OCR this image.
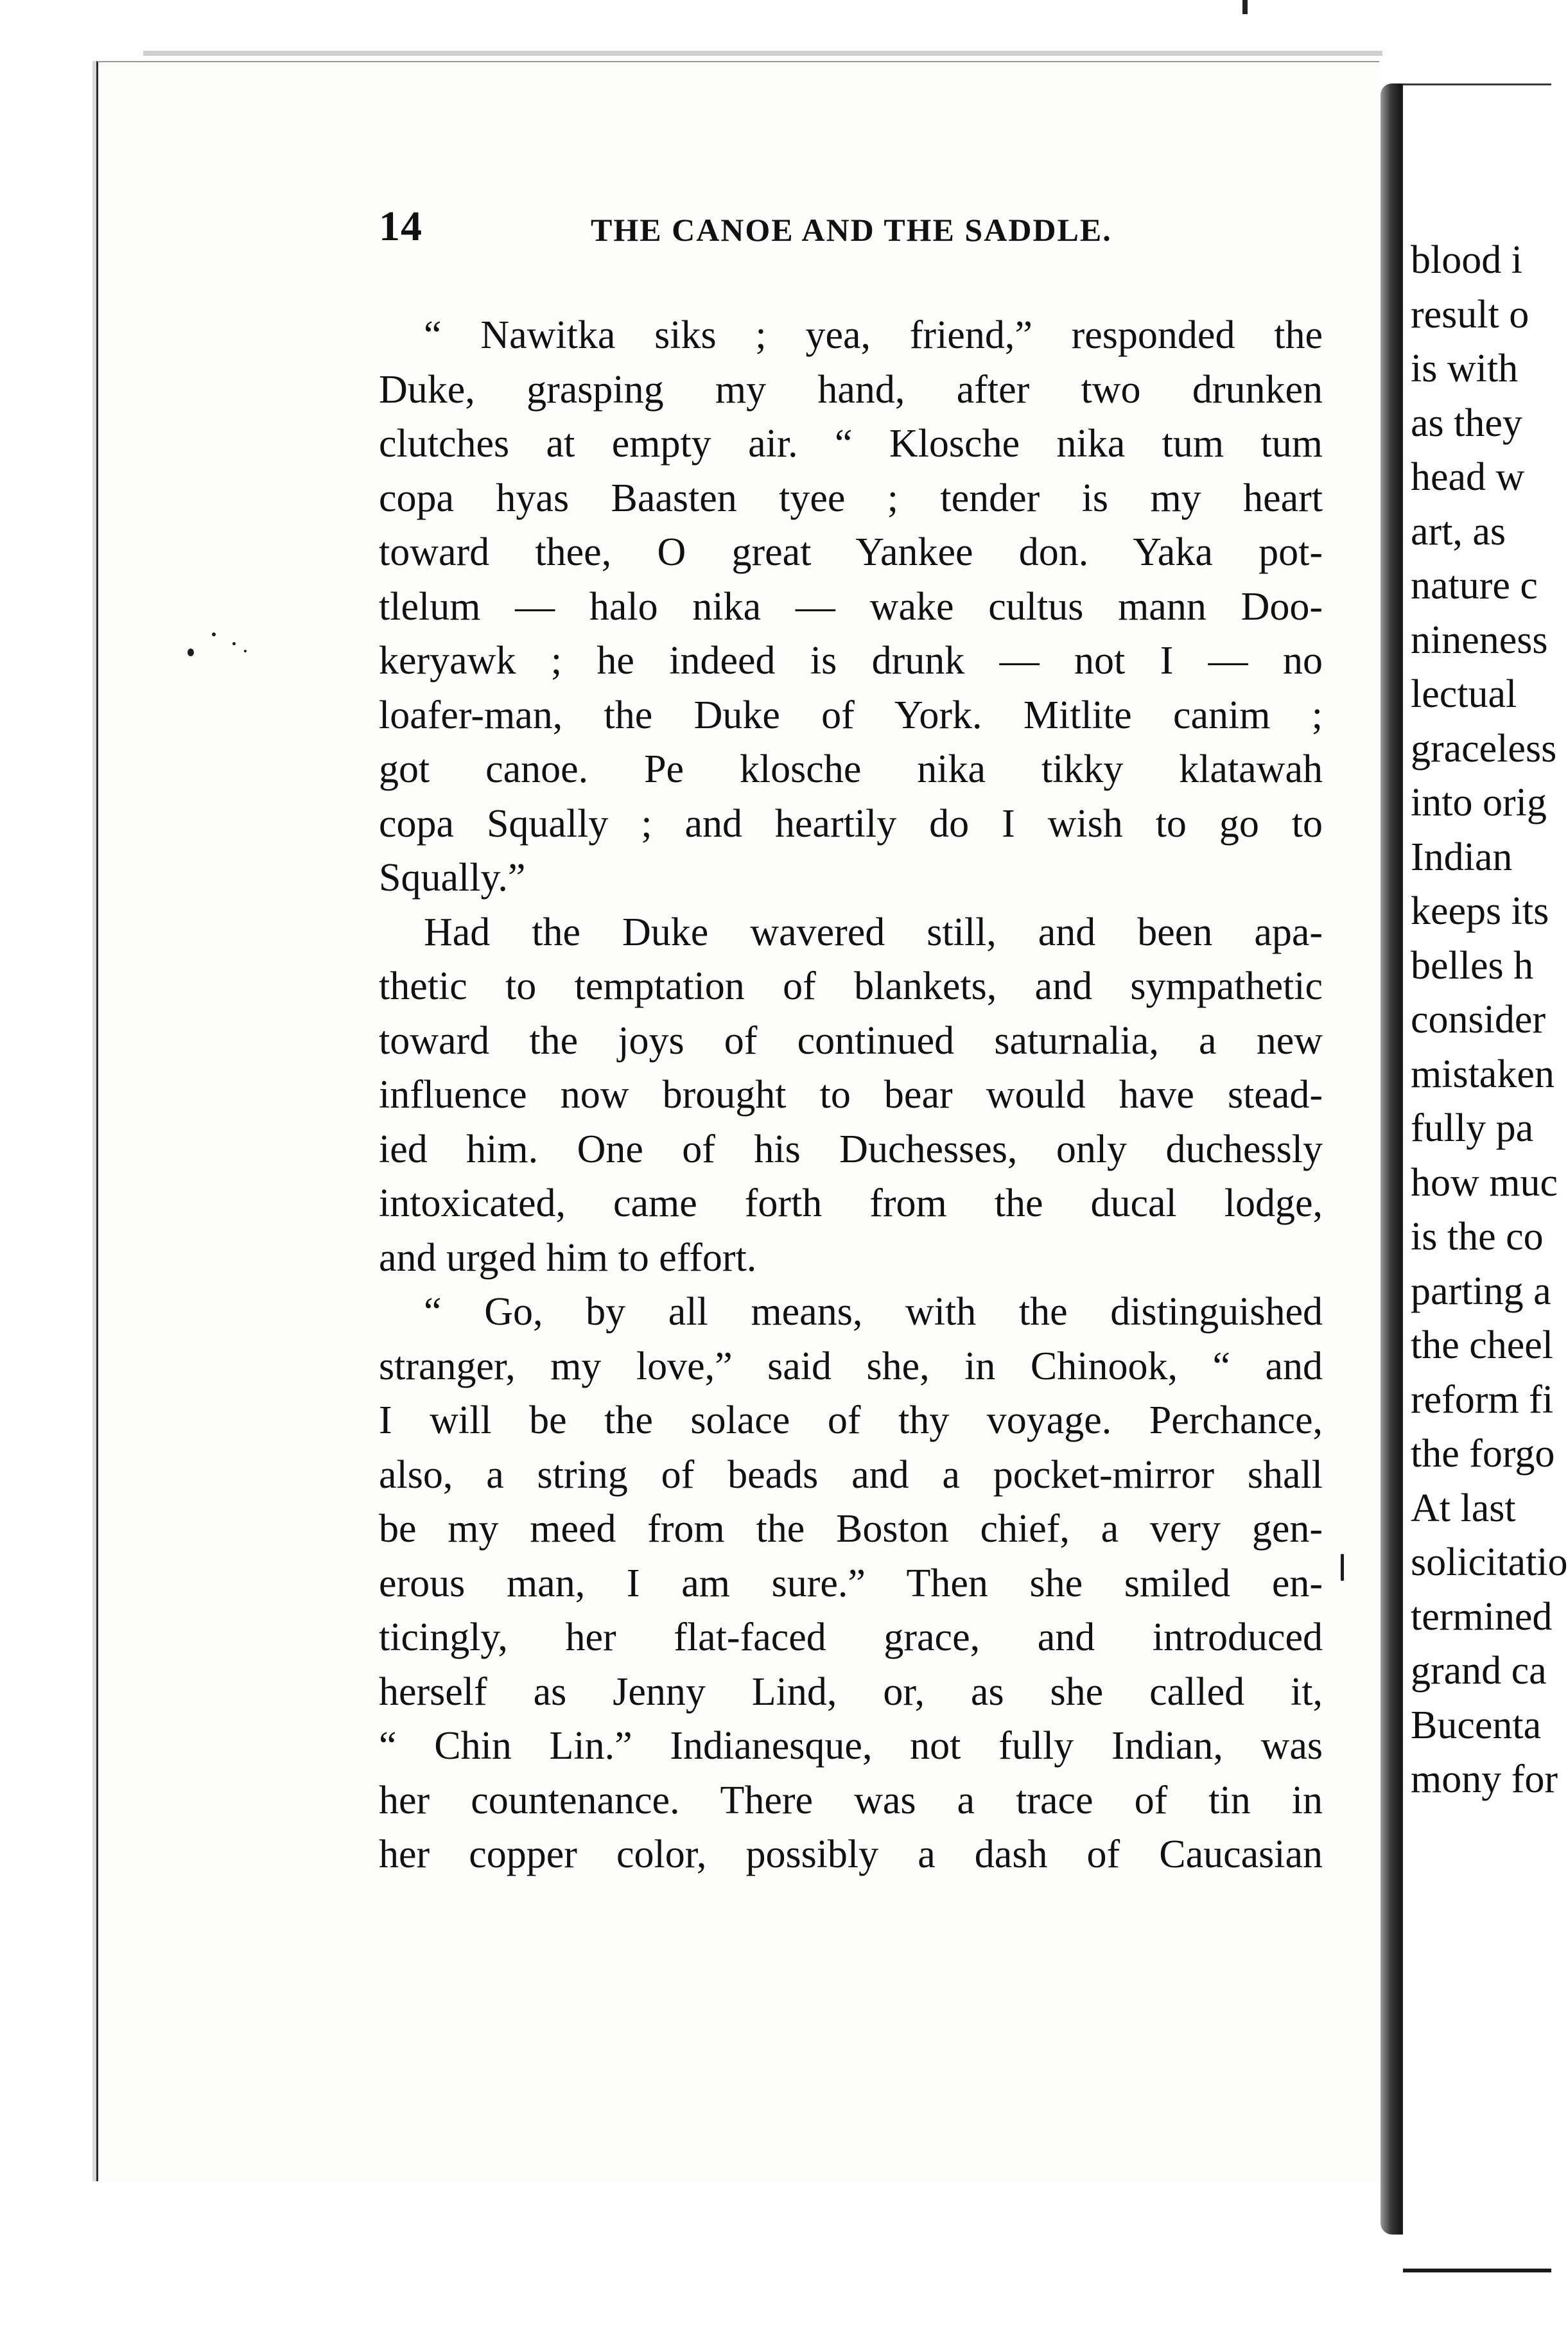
14	THE CANOE AND THE SADDLE.
“ Nawitka siks ; yea, friend,” responded the
Duke, grasping my hand, after two drunken
clutches at empty air. “ Klosche nika tum tum
copa hyas Baasten tyee ; tender is my heart
toward thee, O great Yankee don. Yaka pot-
tlelum — halo nika — wake cultus mann Doo-
keryawk ; he indeed is drunk — not I — no
loafer-man, the Duke of York. Mitlite canim ;
got canoe. Pe klosche nika tikky klatawah
copa Squally ; and heartily do I wish to go to
Squally.”
Had the Duke wavered still, and been apa-
thetic to temptation of blankets, and sympathetic
toward the joys of continued saturnalia, a new
influence now brought to bear would have stead-
ied him. One of his Duchesses, only duchessly
intoxicated, came forth from the ducal lodge,
and urged him to effort.
“ Go, by all means, with the distinguished
stranger, my love,” said she, in Chinook, “ and
I will be the solace of thy voyage. Perchance,
also, a string of beads and a pocket-mirror shall
be my meed from the Boston chief, a very gen-
erous man, I am sure.” Then she smiled en-
ticingly, her flat-faced grace, and introduced
herself as Jenny Lind, or, as she called it,
“ Chin Lin.” Indianesque, not fully Indian, was
her countenance. There was a trace of tin in
her copper color, possibly a dash of Caucasian
blood i
result o
is with
as they
head w
art, as
nature c
nineness
lectual
graceless
into orig
Indian
keeps its
belles h
consider
mistaken
fully pa
how muc
is the co
parting a
the cheel
reform fi
the forgo
At last
solicitatio
termined
grand ca
Bucenta
mony for
